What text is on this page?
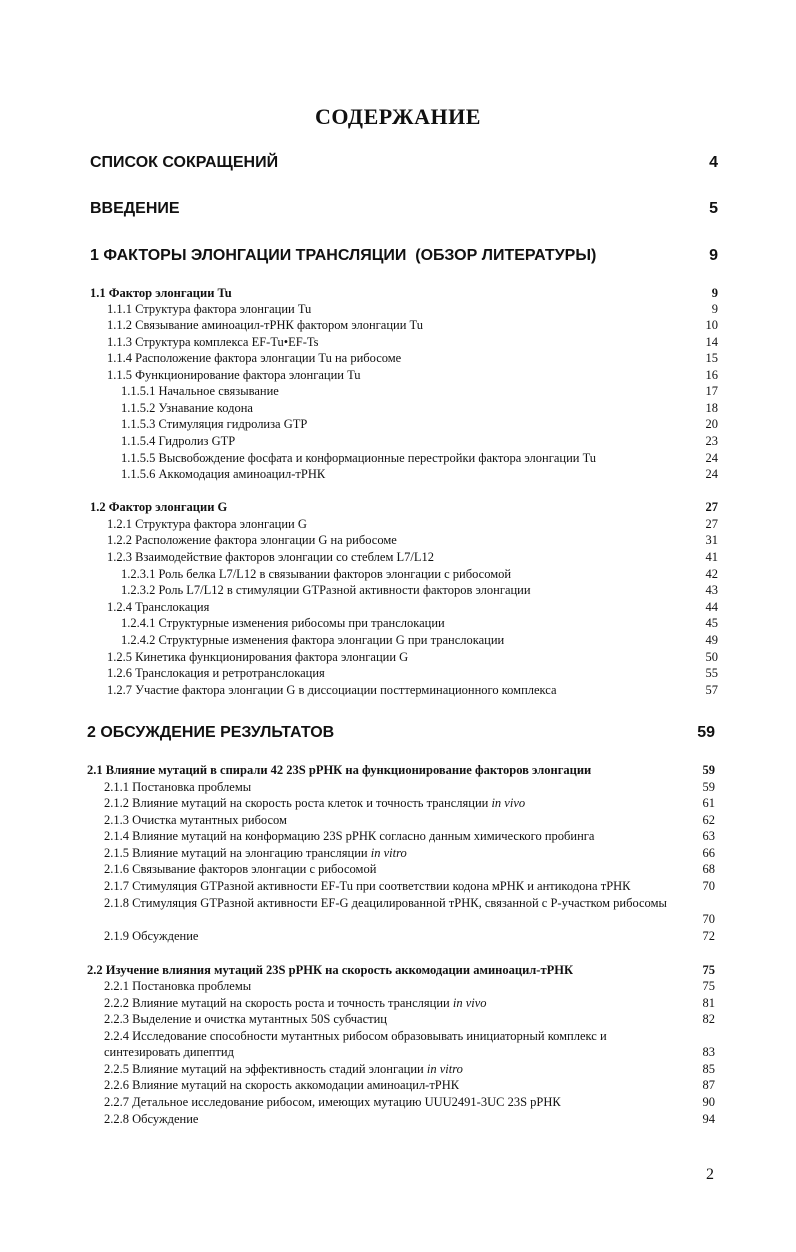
СОДЕРЖАНИЕ
СПИСОК СОКРАЩЕНИЙ	4
ВВЕДЕНИЕ	5
1 ФАКТОРЫ ЭЛОНГАЦИИ ТРАНСЛЯЦИИ  (ОБЗОР ЛИТЕРАТУРЫ)	9
1.1 Фактор элонгации Tu	9
1.1.1 Структура фактора элонгации Tu	9
1.1.2 Связывание аминоацил-тРНК фактором элонгации Tu	10
1.1.3 Структура комплекса EF-Tu•EF-Ts	14
1.1.4 Расположение фактора элонгации Tu на рибосоме	15
1.1.5 Функционирование фактора элонгации Tu	16
1.1.5.1 Начальное связывание	17
1.1.5.2 Узнавание кодона	18
1.1.5.3 Стимуляция гидролиза GTP	20
1.1.5.4 Гидролиз GTP	23
1.1.5.5 Высвобождение фосфата и конформационные перестройки фактора элонгации Tu	24
1.1.5.6 Аккомодация аминоацил-тРНК	24
1.2 Фактор элонгации G	27
1.2.1 Структура фактора элонгации G	27
1.2.2 Расположение фактора элонгации G на рибосоме	31
1.2.3 Взаимодействие факторов элонгации со стеблем L7/L12	41
1.2.3.1 Роль белка L7/L12 в связывании факторов элонгации с рибосомой	42
1.2.3.2 Роль L7/L12 в стимуляции GTPазной активности факторов элонгации	43
1.2.4 Транслокация	44
1.2.4.1 Структурные изменения рибосомы при транслокации	45
1.2.4.2 Структурные изменения фактора элонгации G при транслокации	49
1.2.5 Кинетика функционирования фактора элонгации G	50
1.2.6 Транслокация и ретротранслокация	55
1.2.7 Участие фактора элонгации G в диссоциации посттерминационного комплекса	57
2 ОБСУЖДЕНИЕ РЕЗУЛЬТАТОВ	59
2.1 Влияние мутаций в спирали 42 23S рРНК на функционирование факторов элонгации	59
2.1.1 Постановка проблемы	59
2.1.2 Влияние мутаций на скорость роста клеток и точность трансляции in vivo	61
2.1.3 Очистка мутантных рибосом	62
2.1.4 Влияние мутаций на конформацию 23S рРНК согласно данным химического пробинга	63
2.1.5 Влияние мутаций на элонгацию трансляции in vitro	66
2.1.6 Связывание факторов элонгации с рибосомой	68
2.1.7 Стимуляция GTPазной активности EF-Tu при соответствии кодона мРНК и антикодона тРНК	70
2.1.8 Стимуляция GTPазной активности EF-G деацилированной тРНК, связанной с Р-участком рибосомы
70
2.1.9 Обсуждение	72
2.2 Изучение влияния мутаций 23S рРНК на скорость аккомодации аминоацил-тРНК	75
2.2.1 Постановка проблемы	75
2.2.2 Влияние мутаций на скорость роста и точность трансляции in vivo	81
2.2.3 Выделение и очистка мутантных 50S субчастиц	82
2.2.4 Исследование способности мутантных рибосом образовывать инициаторный комплекс и
синтезировать дипептид	83
2.2.5 Влияние мутаций на эффективность стадий элонгации in vitro	85
2.2.6 Влияние мутаций на скорость аккомодации аминоацил-тРНК	87
2.2.7 Детальное исследование рибосом, имеющих мутацию UUU2491-3UC 23S рРНК	90
2.2.8 Обсуждение	94
2
